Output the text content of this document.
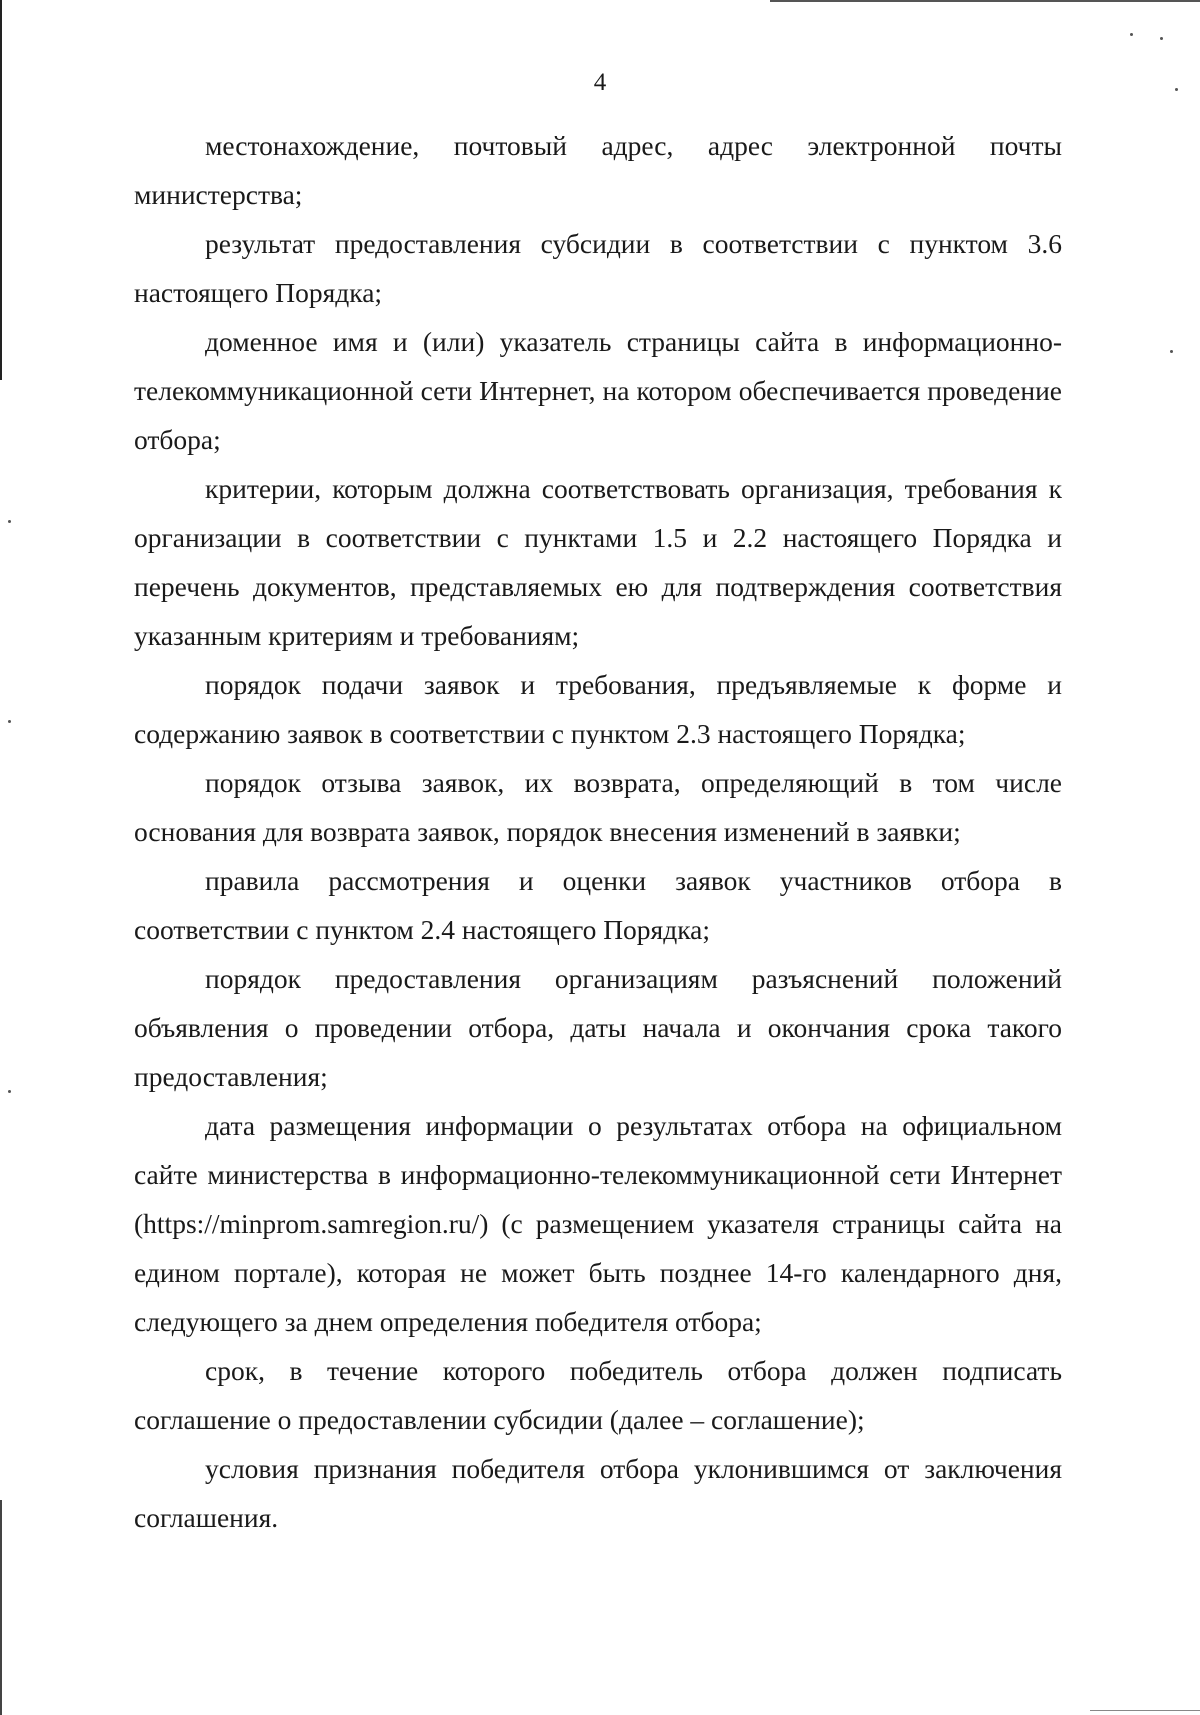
4

местонахождение, почтовый адрес, адрес электронной почты министерства;

результат предоставления субсидии в соответствии с пунктом 3.6 настоящего Порядка;

доменное имя и (или) указатель страницы сайта в информационно-телекоммуникационной сети Интернет, на котором обеспечивается проведение отбора;

критерии, которым должна соответствовать организация, требования к организации в соответствии с пунктами 1.5 и 2.2 настоящего Порядка и перечень документов, представляемых ею для подтверждения соответствия указанным критериям и требованиям;

порядок подачи заявок и требования, предъявляемые к форме и содержанию заявок в соответствии с пунктом 2.3 настоящего Порядка;

порядок отзыва заявок, их возврата, определяющий в том числе основания для возврата заявок, порядок внесения изменений в заявки;

правила рассмотрения и оценки заявок участников отбора в соответствии с пунктом 2.4 настоящего Порядка;

порядок предоставления организациям разъяснений положений объявления о проведении отбора, даты начала и окончания срока такого предоставления;

дата размещения информации о результатах отбора на официальном сайте министерства в информационно-телекоммуникационной сети Интернет (https://minprom.samregion.ru/) (с размещением указателя страницы сайта на едином портале), которая не может быть позднее 14-го календарного дня, следующего за днем определения победителя отбора;

срок, в течение которого победитель отбора должен подписать соглашение о предоставлении субсидии (далее – соглашение);

условия признания победителя отбора уклонившимся от заключения соглашения.
